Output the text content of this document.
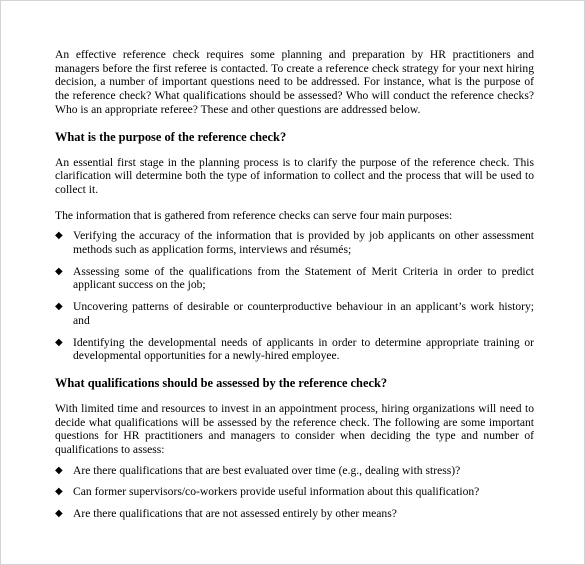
An effective reference check requires some planning and preparation by HR practitioners and managers before the first referee is contacted. To create a reference check strategy for your next hiring decision, a number of important questions need to be addressed. For instance, what is the purpose of the reference check? What qualifications should be assessed? Who will conduct the reference checks? Who is an appropriate referee? These and other questions are addressed below.

What is the purpose of the reference check?

An essential first stage in the planning process is to clarify the purpose of the reference check. This clarification will determine both the type of information to collect and the process that will be used to collect it.

The information that is gathered from reference checks can serve four main purposes:

◆ Verifying the accuracy of the information that is provided by job applicants on other assessment methods such as application forms, interviews and résumés;
◆ Assessing some of the qualifications from the Statement of Merit Criteria in order to predict applicant success on the job;
◆ Uncovering patterns of desirable or counterproductive behaviour in an applicant’s work history; and
◆ Identifying the developmental needs of applicants in order to determine appropriate training or developmental opportunities for a newly-hired employee.
What qualifications should be assessed by the reference check?

With limited time and resources to invest in an appointment process, hiring organizations will need to decide what qualifications will be assessed by the reference check. The following are some important questions for HR practitioners and managers to consider when deciding the type and number of qualifications to assess:

◆ Are there qualifications that are best evaluated over time (e.g., dealing with stress)?
◆ Can former supervisors/co-workers provide useful information about this qualification?
◆ Are there qualifications that are not assessed entirely by other means?
